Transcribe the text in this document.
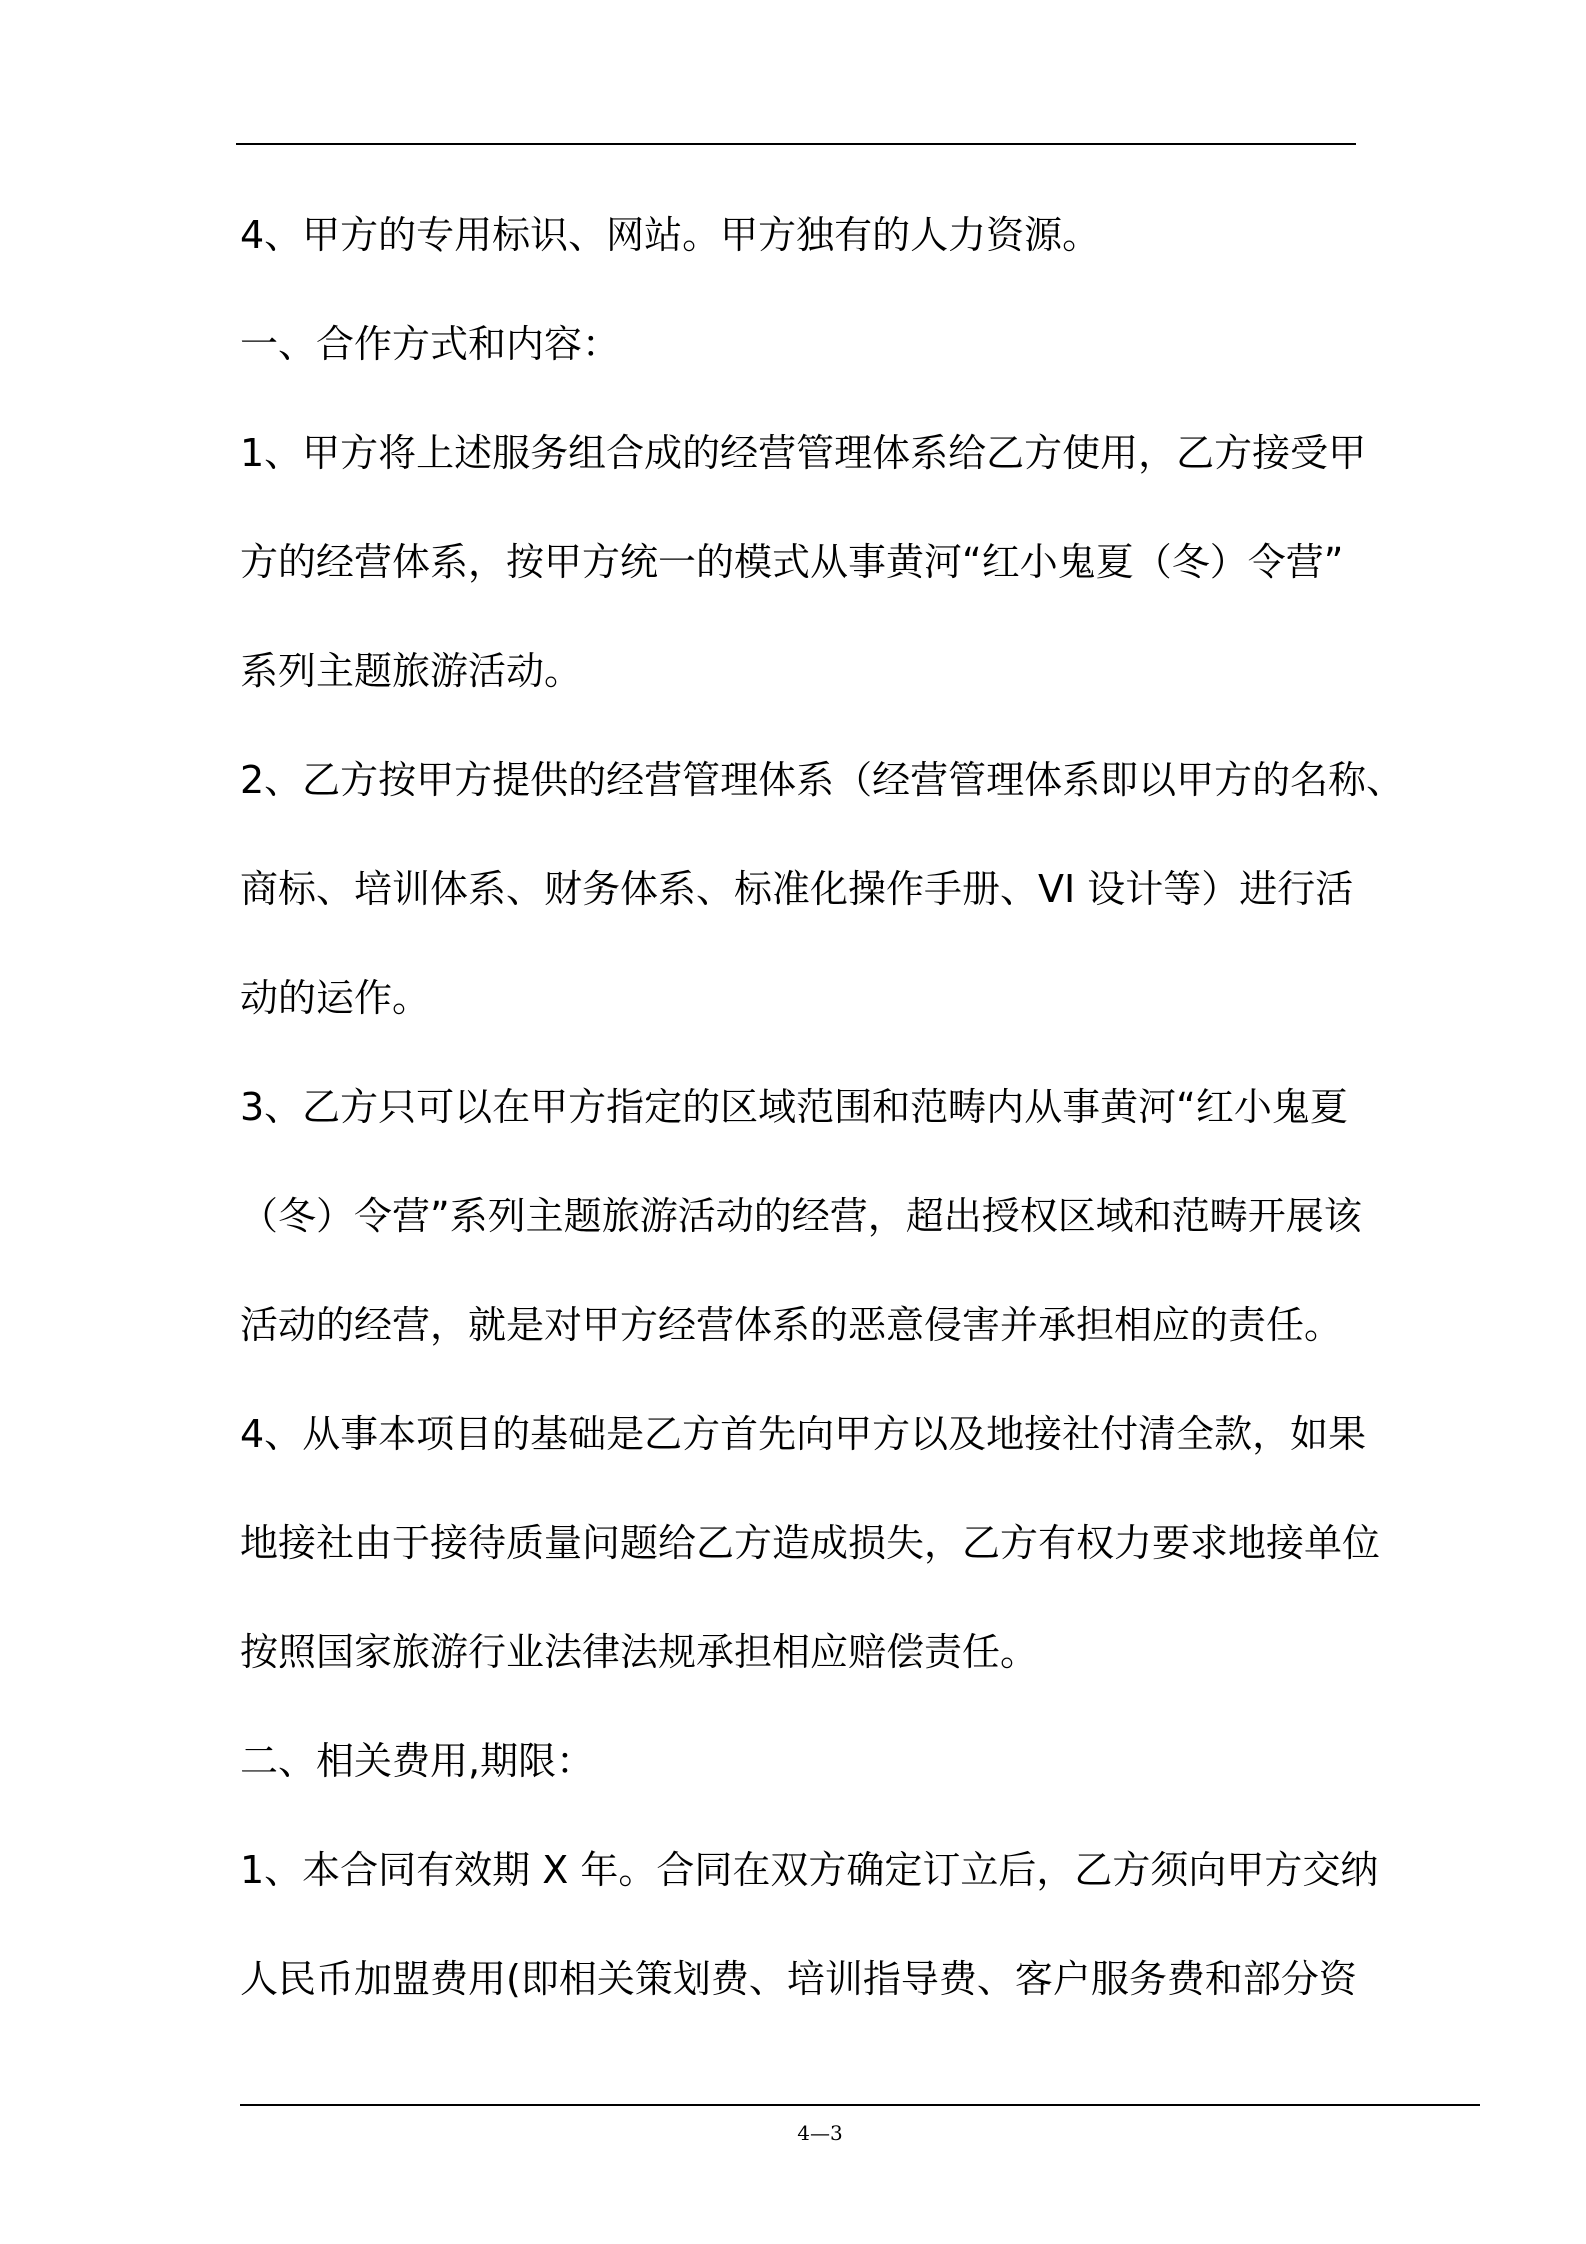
4、甲方的专用标识、网站。甲方独有的人力资源。
一、合作方式和内容：
1、甲方将上述服务组合成的经营管理体系给乙方使用，乙方接受甲
方的经营体系，按甲方统一的模式从事黄河“红小鬼夏（冬）令营”
系列主题旅游活动。
2、乙方按甲方提供的经营管理体系（经营管理体系即以甲方的名称、
商标、培训体系、财务体系、标准化操作手册、VI 设计等）进行活
动的运作。
3、乙方只可以在甲方指定的区域范围和范畴内从事黄河“红小鬼夏
（冬）令营”系列主题旅游活动的经营，超出授权区域和范畴开展该
活动的经营，就是对甲方经营体系的恶意侵害并承担相应的责任。
4、从事本项目的基础是乙方首先向甲方以及地接社付清全款，如果
地接社由于接待质量问题给乙方造成损失，乙方有权力要求地接单位
按照国家旅游行业法律法规承担相应赔偿责任。
二、相关费用,期限：
1、本合同有效期 X 年。合同在双方确定订立后，乙方须向甲方交纳
人民币加盟费用(即相关策划费、培训指导费、客户服务费和部分资
4—3
